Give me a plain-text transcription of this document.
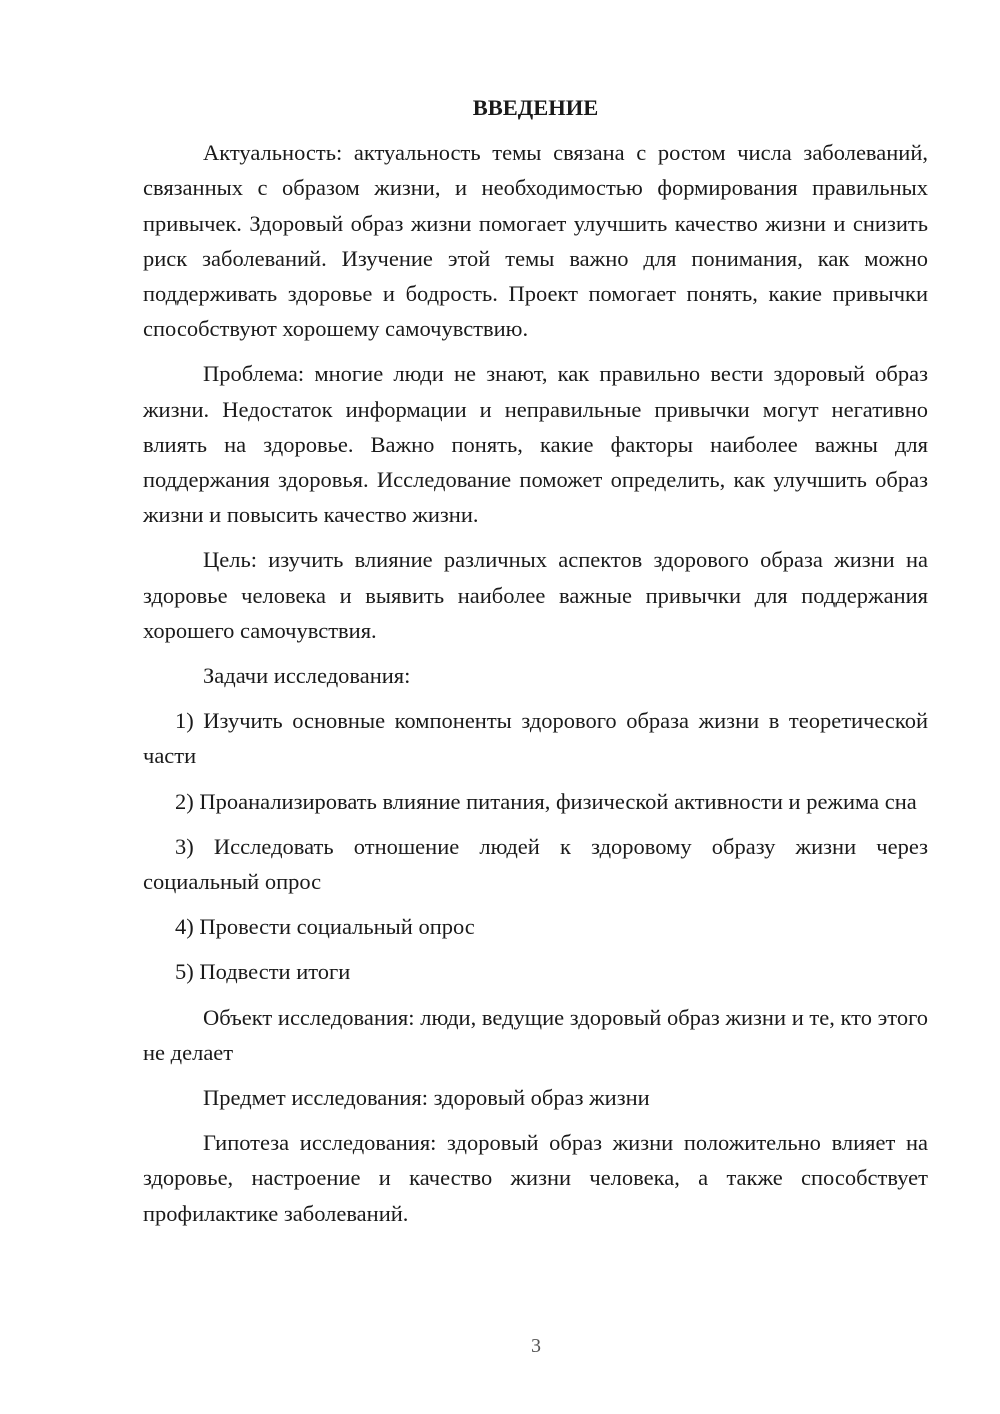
ВВЕДЕНИЕ

Актуальность: актуальность темы связана с ростом числа заболеваний, связанных с образом жизни, и необходимостью формирования правильных привычек. Здоровый образ жизни помогает улучшить качество жизни и снизить риск заболеваний. Изучение этой темы важно для понимания, как можно поддерживать здоровье и бодрость. Проект помогает понять, какие привычки способствуют хорошему самочувствию.

Проблема: многие люди не знают, как правильно вести здоровый образ жизни. Недостаток информации и неправильные привычки могут негативно влиять на здоровье. Важно понять, какие факторы наиболее важны для поддержания здоровья. Исследование поможет определить, как улучшить образ жизни и повысить качество жизни.

Цель: изучить влияние различных аспектов здорового образа жизни на здоровье человека и выявить наиболее важные привычки для поддержания хорошего самочувствия.

Задачи исследования:

1) Изучить основные компоненты здорового образа жизни в теоретической части

2) Проанализировать влияние питания, физической активности и режима сна

3) Исследовать отношение людей к здоровому образу жизни через социальный опрос

4) Провести социальный опрос

5) Подвести итоги

Объект исследования: люди, ведущие здоровый образ жизни и те, кто этого не делает

Предмет исследования: здоровый образ жизни

Гипотеза исследования: здоровый образ жизни положительно влияет на здоровье, настроение и качество жизни человека, а также способствует профилактике заболеваний.

3
